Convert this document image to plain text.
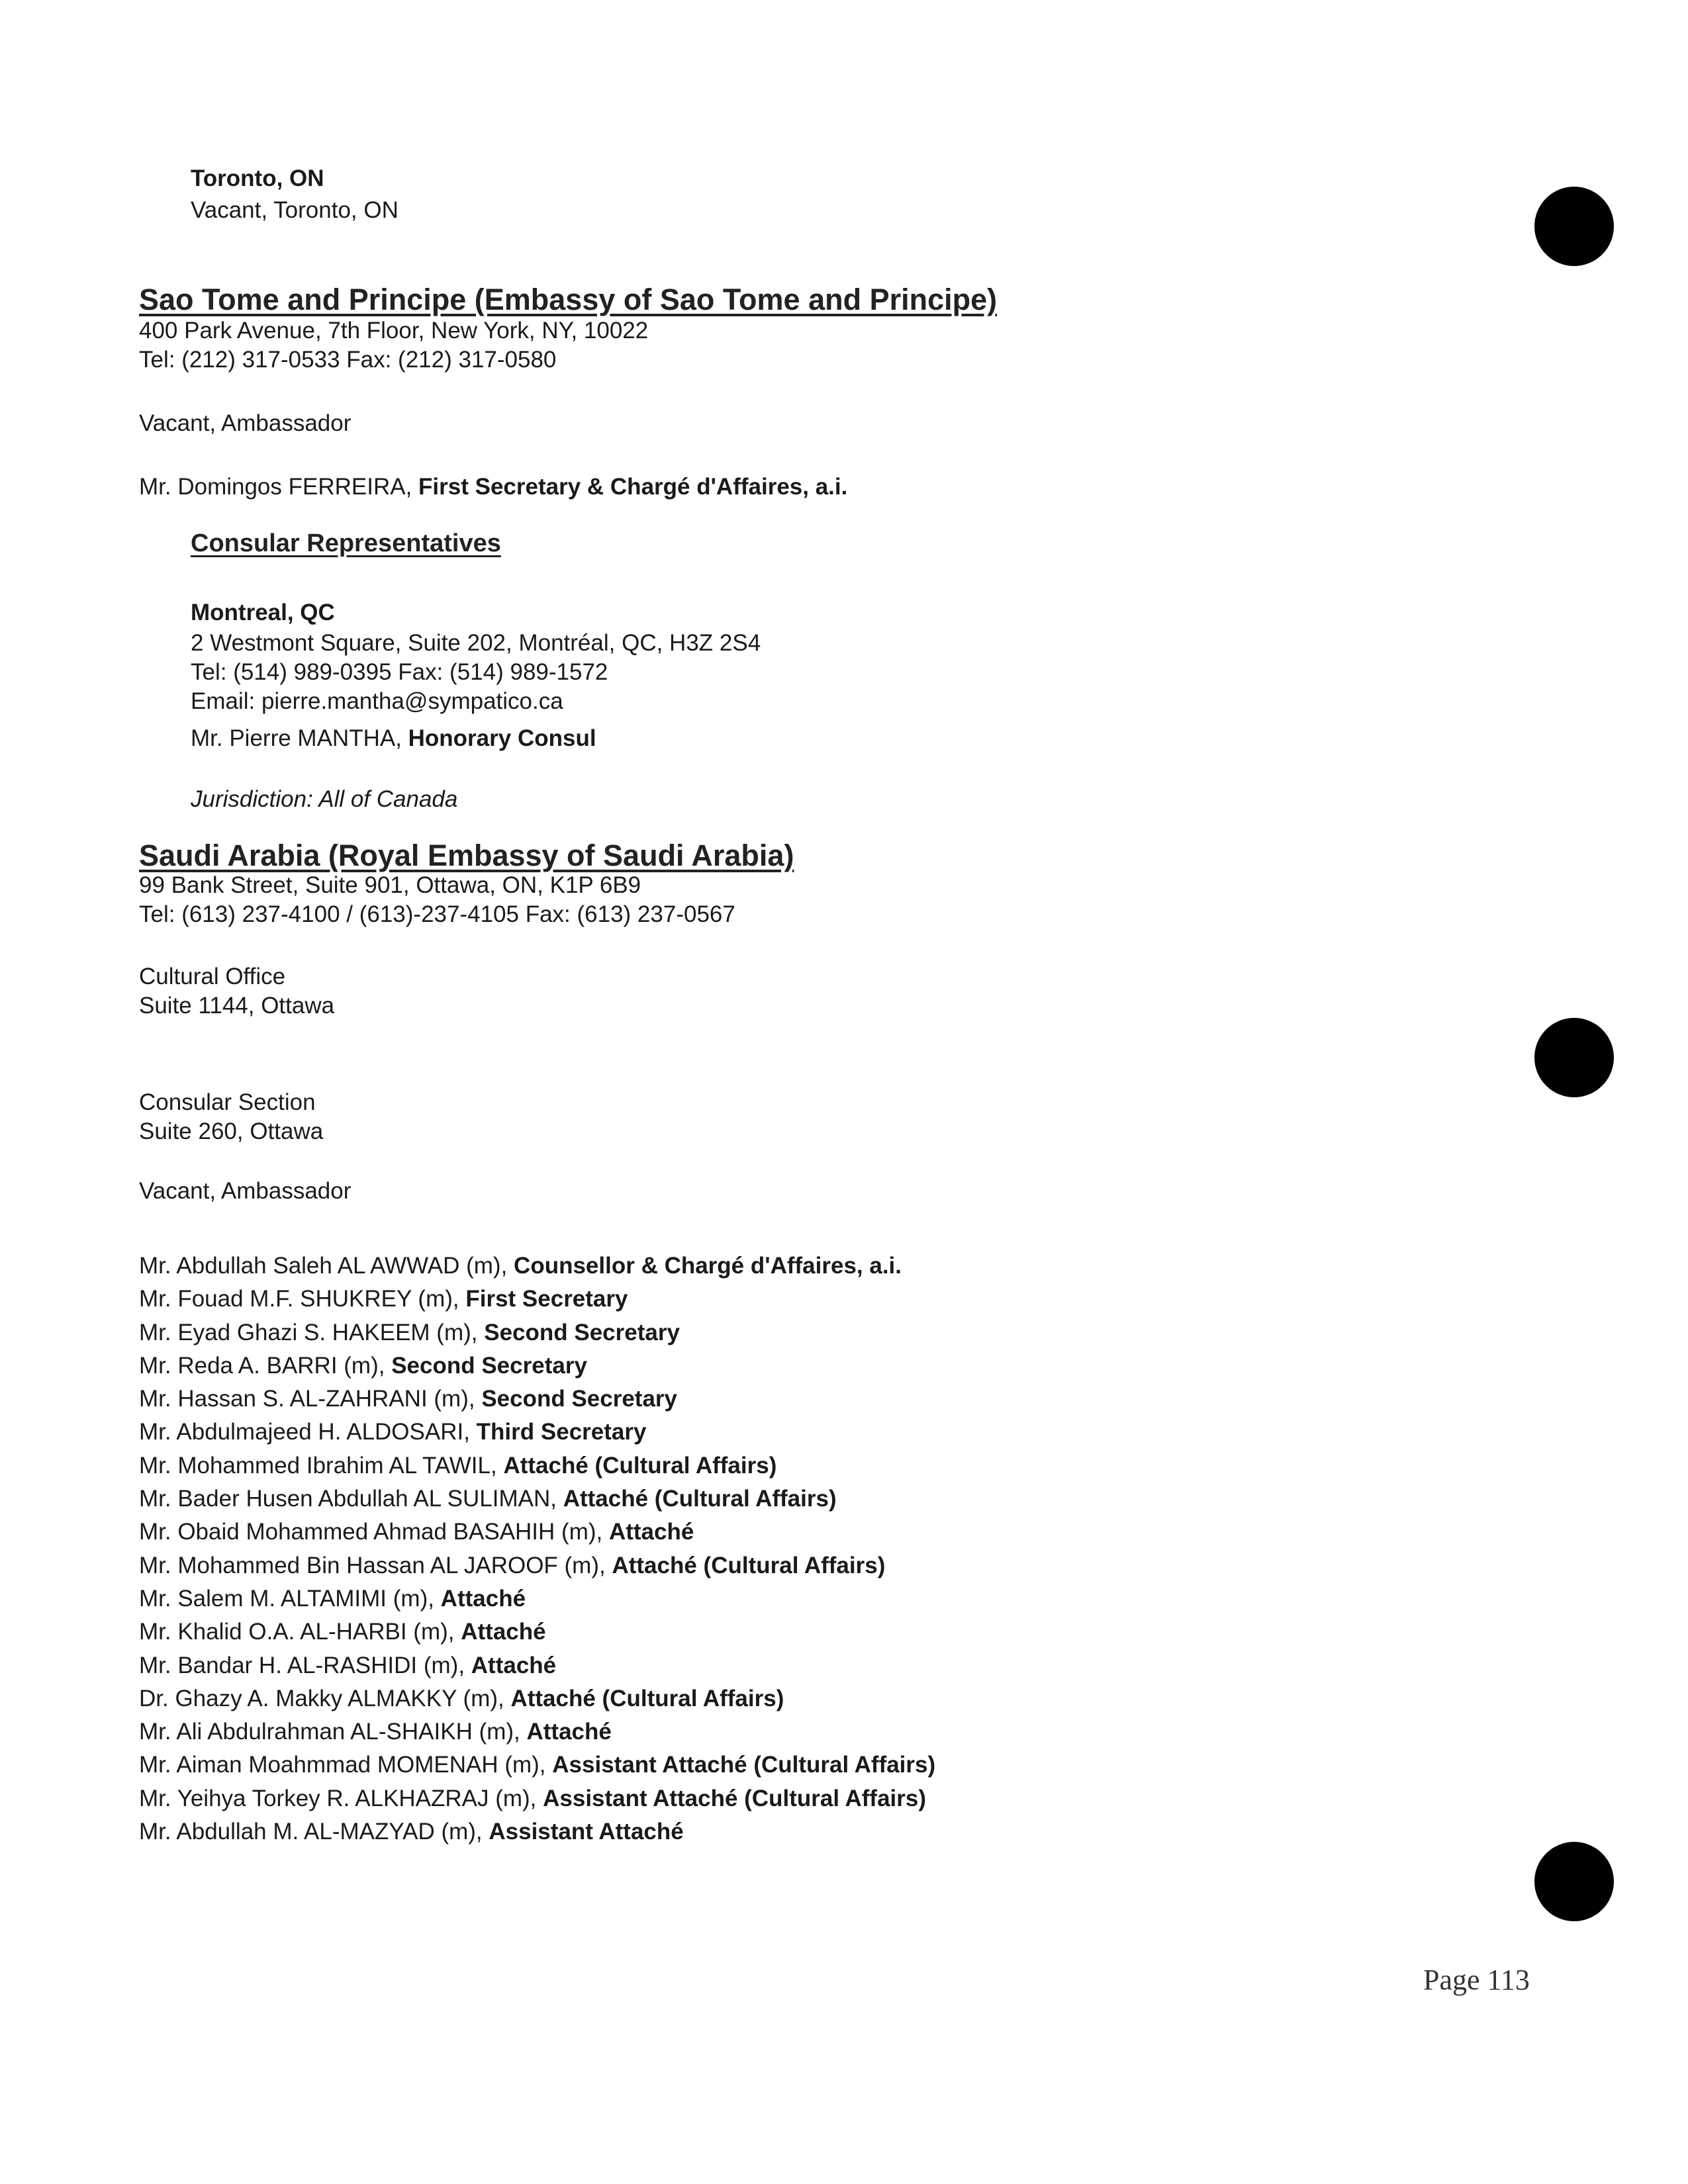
Toronto, ON
Vacant, Toronto, ON
Sao Tome and Principe (Embassy of Sao Tome and Principe)
400 Park Avenue, 7th Floor, New York, NY, 10022
Tel: (212) 317-0533 Fax: (212) 317-0580
Vacant, Ambassador
Mr. Domingos FERREIRA, First Secretary & Chargé d'Affaires, a.i.
Consular Representatives
Montreal, QC
2 Westmont Square, Suite 202, Montréal, QC, H3Z 2S4
Tel: (514) 989-0395 Fax: (514) 989-1572
Email: pierre.mantha@sympatico.ca
Mr. Pierre MANTHA, Honorary Consul
Jurisdiction: All of Canada
Saudi Arabia (Royal Embassy of Saudi Arabia)
99 Bank Street, Suite 901, Ottawa, ON, K1P 6B9
Tel: (613) 237-4100 / (613)-237-4105 Fax: (613) 237-0567
Cultural Office
Suite 1144, Ottawa
Consular Section
Suite 260, Ottawa
Vacant, Ambassador
Mr. Abdullah Saleh AL AWWAD (m), Counsellor & Chargé d'Affaires, a.i.
Mr. Fouad M.F. SHUKREY (m), First Secretary
Mr. Eyad Ghazi S. HAKEEM (m), Second Secretary
Mr. Reda A. BARRI (m), Second Secretary
Mr. Hassan S. AL-ZAHRANI (m), Second Secretary
Mr. Abdulmajeed H. ALDOSARI, Third Secretary
Mr. Mohammed Ibrahim AL TAWIL, Attaché (Cultural Affairs)
Mr. Bader Husen Abdullah AL SULIMAN, Attaché (Cultural Affairs)
Mr. Obaid Mohammed Ahmad BASAHIH (m), Attaché
Mr. Mohammed Bin Hassan AL JAROOF (m), Attaché (Cultural Affairs)
Mr. Salem M. ALTAMIMI (m), Attaché
Mr. Khalid O.A. AL-HARBI (m), Attaché
Mr. Bandar H. AL-RASHIDI (m), Attaché
Dr. Ghazy A. Makky ALMAKKY (m), Attaché (Cultural Affairs)
Mr. Ali Abdulrahman AL-SHAIKH (m), Attaché
Mr. Aiman Moahmmad MOMENAH (m), Assistant Attaché (Cultural Affairs)
Mr. Yeihya Torkey R. ALKHAZRAJ (m), Assistant Attaché (Cultural Affairs)
Mr. Abdullah M. AL-MAZYAD (m), Assistant Attaché
Page 113
